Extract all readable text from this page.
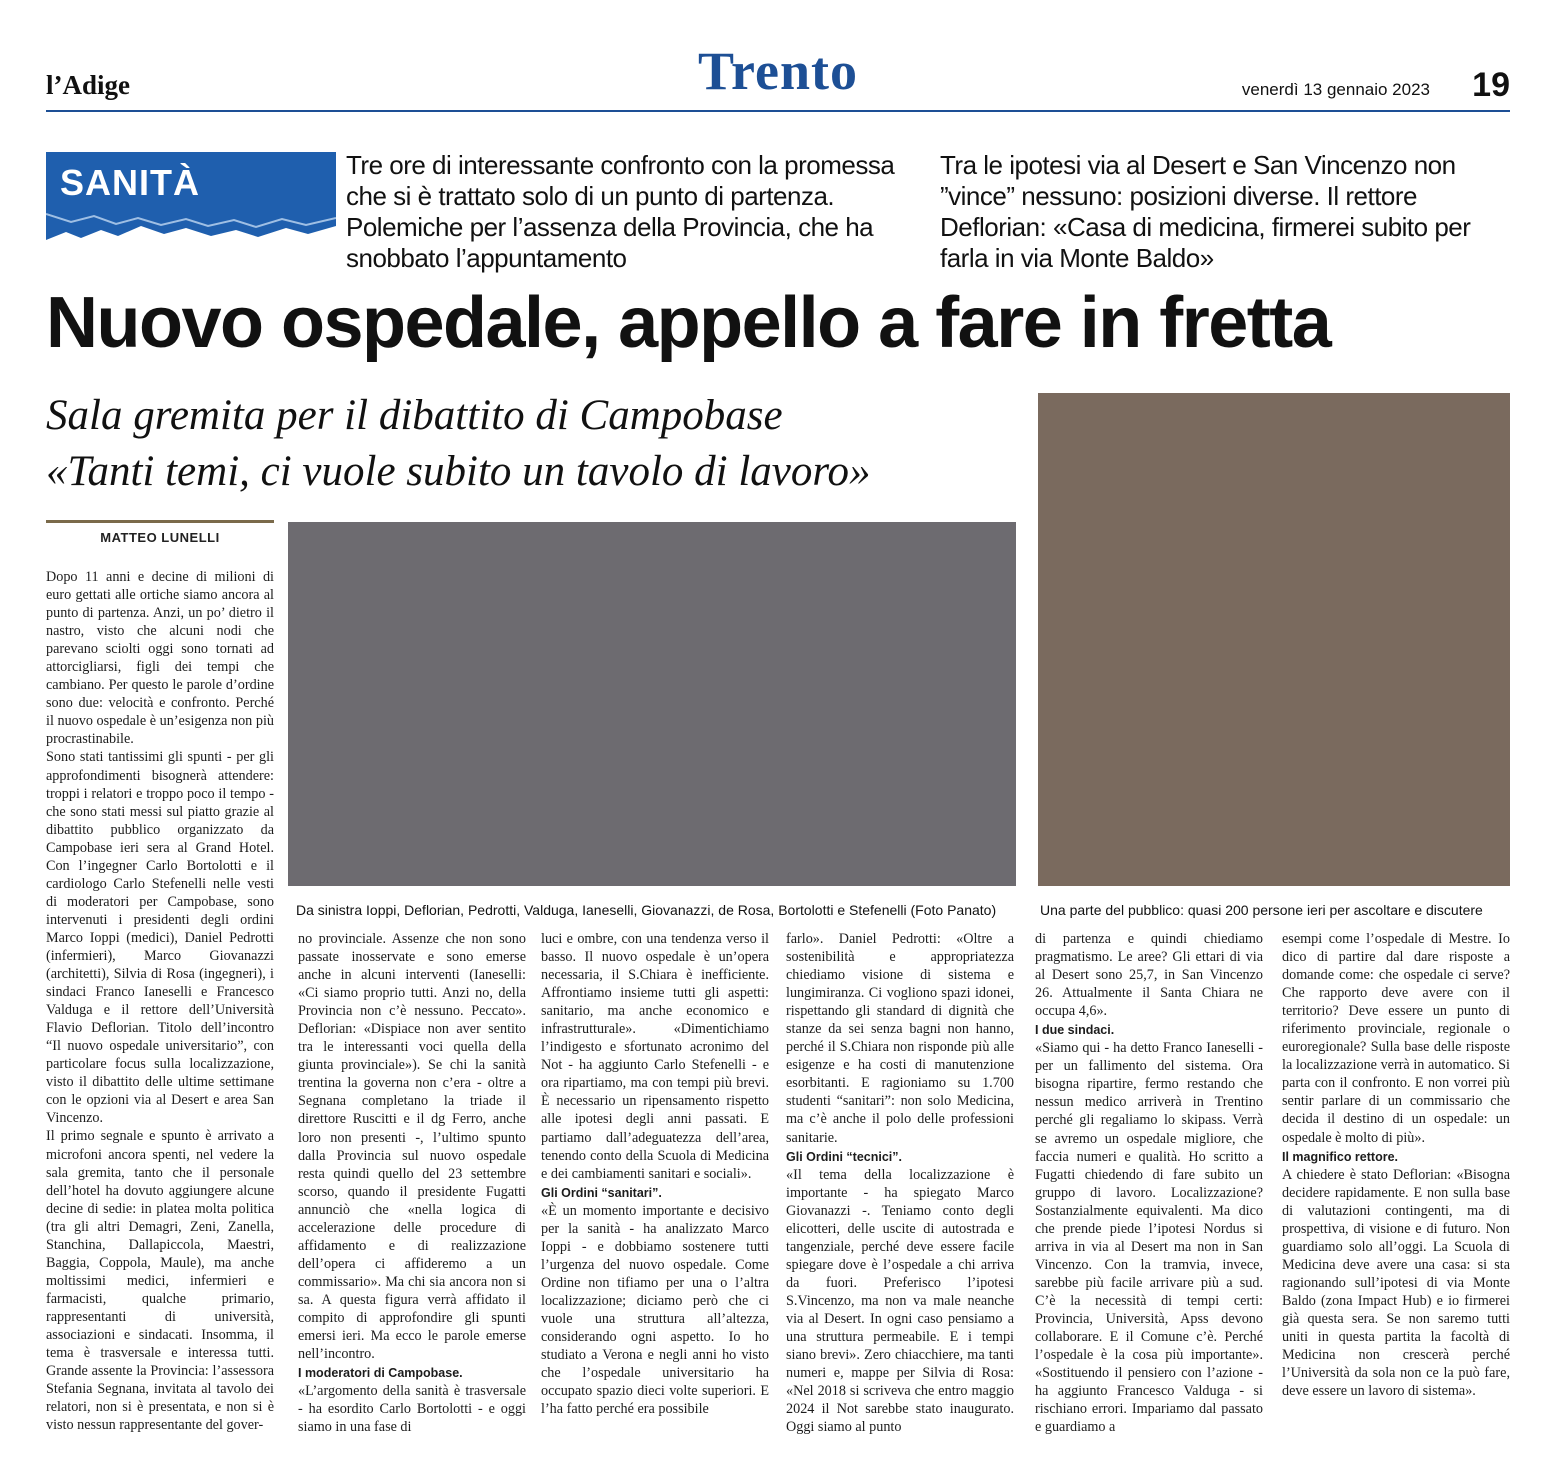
l’Adige	Trento	venerdì 13 gennaio 2023 19
SANITÀ	Tre ore di interessante confronto con la promessa che si è trattato solo di un punto di partenza. Polemiche per l’assenza della Provincia, che ha snobbato l’appuntamento
Tra le ipotesi via al Desert e San Vincenzo non ”vince” nessuno: posizioni diverse. Il rettore Deflorian: «Casa di medicina, firmerei subito per farla in via Monte Baldo»
Nuovo ospedale, appello a fare in fretta
Sala gremita per il dibattito di Campobase
«Tanti temi, ci vuole subito un tavolo di lavoro»
MATTEO LUNELLI
Da sinistra Ioppi, Deflorian, Pedrotti, Valduga, Ianeselli, Giovanazzi, de Rosa, Bortolotti e Stefenelli (Foto Panato)	Una parte del pubblico: quasi 200 persone ieri per ascoltare e discutere

Dopo 11 anni e decine di milioni di euro gettati alle ortiche siamo ancora al punto di partenza. Anzi, un po’ dietro il nastro, visto che alcuni nodi che parevano sciolti oggi sono tornati ad attorcigliarsi, figli dei tempi che cambiano. Per questo le parole d’ordine sono due: velocità e confronto. Perché il nuovo ospedale è un’esigenza non più procrastinabile.

Sono stati tantissimi gli spunti - per gli approfondimenti bisognerà attendere: troppi i relatori e troppo poco il tempo - che sono stati messi sul piatto grazie al dibattito pubblico organizzato da Campobase ieri sera al Grand Hotel. Con l’ingegner Carlo Bortolotti e il cardiologo Carlo Stefenelli nelle vesti di moderatori per Campobase, sono intervenuti i presidenti degli ordini Marco Ioppi (medici), Daniel Pedrotti (infermieri), Marco Giovanazzi (architetti), Silvia di Rosa (ingegneri), i sindaci Franco Ianeselli e Francesco Valduga e il rettore dell’Università Flavio Deflorian. Titolo dell’incontro “Il nuovo ospedale universitario”, con particolare focus sulla localizzazione, visto il dibattito delle ultime settimane con le opzioni via al Desert e area San Vincenzo.

Il primo segnale e spunto è arrivato a microfoni ancora spenti, nel vedere la sala gremita, tanto che il personale dell’hotel ha dovuto aggiungere alcune decine di sedie: in platea molta politica (tra gli altri Demagri, Zeni, Zanella, Stanchina, Dallapiccola, Maestri, Baggia, Coppola, Maule), ma anche moltissimi medici, infermieri e farmacisti, qualche primario, rappresentanti di università, associazioni e sindacati. Insomma, il tema è trasversale e interessa tutti. Grande assente la Provincia: l’assessora Stefania Segnana, invitata al tavolo dei relatori, non si è presentata, e non si è visto nessun rappresentante del gover-

no provinciale. Assenze che non sono passate inosservate e sono emerse anche in alcuni interventi (Ianeselli: «Ci siamo proprio tutti. Anzi no, della Provincia non c’è nessuno. Peccato». Deflorian: «Dispiace non aver sentito tra le interessanti voci quella della giunta provinciale»). Se chi la sanità trentina la governa non c’era - oltre a Segnana completano la triade il direttore Ruscitti e il dg Ferro, anche loro non presenti -, l’ultimo spunto dalla Provincia sul nuovo ospedale resta quindi quello del 23 settembre scorso, quando il presidente Fugatti annunciò che «nella logica di accelerazione delle procedure di affidamento e di realizzazione dell’opera ci affideremo a un commissario». Ma chi sia ancora non si sa. A questa figura verrà affidato il compito di approfondire gli spunti emersi ieri. Ma ecco le parole emerse nell’incontro.

I moderatori di Campobase.

«L’argomento della sanità è trasversale - ha esordito Carlo Bortolotti - e oggi siamo in una fase di

luci e ombre, con una tendenza verso il basso. Il nuovo ospedale è un’opera necessaria, il S.Chiara è inefficiente. Affrontiamo insieme tutti gli aspetti: sanitario, ma anche economico e infrastrutturale». «Dimentichiamo l’indigesto e sfortunato acronimo del Not - ha aggiunto Carlo Stefenelli - e ora ripartiamo, ma con tempi più brevi. È necessario un ripensamento rispetto alle ipotesi degli anni passati. E partiamo dall’adeguatezza dell’area, tenendo conto della Scuola di Medicina e dei cambiamenti sanitari e sociali».

Gli Ordini “sanitari”.

«È un momento importante e decisivo per la sanità - ha analizzato Marco Ioppi - e dobbiamo sostenere tutti l’urgenza del nuovo ospedale. Come Ordine non tifiamo per una o l’altra localizzazione; diciamo però che ci vuole una struttura all’altezza, considerando ogni aspetto. Io ho studiato a Verona e negli anni ho visto che l’ospedale universitario ha occupato spazio dieci volte superiori. E l’ha fatto perché era possibile

farlo». Daniel Pedrotti: «Oltre a sostenibilità e appropriatezza chiediamo visione di sistema e lungimiranza. Ci vogliono spazi idonei, rispettando gli standard di dignità che stanze da sei senza bagni non hanno, perché il S.Chiara non risponde più alle esigenze e ha costi di manutenzione esorbitanti. E ragioniamo su 1.700 studenti “sanitari”: non solo Medicina, ma c’è anche il polo delle professioni sanitarie.

Gli Ordini “tecnici”.

«Il tema della localizzazione è importante - ha spiegato Marco Giovanazzi -. Teniamo conto degli elicotteri, delle uscite di autostrada e tangenziale, perché deve essere facile spiegare dove è l’ospedale a chi arriva da fuori. Preferisco l’ipotesi S.Vincenzo, ma non va male neanche via al Desert. In ogni caso pensiamo a una struttura permeabile. E i tempi siano brevi». Zero chiacchiere, ma tanti numeri e, mappe per Silvia di Rosa: «Nel 2018 si scriveva che entro maggio 2024 il Not sarebbe stato inaugurato. Oggi siamo al punto

di partenza e quindi chiediamo pragmatismo. Le aree? Gli ettari di via al Desert sono 25,7, in San Vincenzo 26. Attualmente il Santa Chiara ne occupa 4,6».

I due sindaci.

«Siamo qui - ha detto Franco Ianeselli - per un fallimento del sistema. Ora bisogna ripartire, fermo restando che nessun medico arriverà in Trentino perché gli regaliamo lo skipass. Verrà se avremo un ospedale migliore, che faccia numeri e qualità. Ho scritto a Fugatti chiedendo di fare subito un gruppo di lavoro. Localizzazione? Sostanzialmente equivalenti. Ma dico che prende piede l’ipotesi Nordus si arriva in via al Desert ma non in San Vincenzo. Con la tramvia, invece, sarebbe più facile arrivare più a sud. C’è la necessità di tempi certi: Provincia, Università, Apss devono collaborare. E il Comune c’è. Perché l’ospedale è la cosa più importante». «Sostituendo il pensiero con l’azione - ha aggiunto Francesco Valduga - si rischiano errori. Impariamo dal passato e guardiamo a

esempi come l’ospedale di Mestre. Io dico di partire dal dare risposte a domande come: che ospedale ci serve? Che rapporto deve avere con il territorio? Deve essere un punto di riferimento provinciale, regionale o euroregionale? Sulla base delle risposte la localizzazione verrà in automatico. Si parta con il confronto. E non vorrei più sentir parlare di un commissario che decida il destino di un ospedale: un ospedale è molto di più».

Il magnifico rettore.

A chiedere è stato Deflorian: «Bisogna decidere rapidamente. E non sulla base di valutazioni contingenti, ma di prospettiva, di visione e di futuro. Non guardiamo solo all’oggi. La Scuola di Medicina deve avere una casa: si sta ragionando sull’ipotesi di via Monte Baldo (zona Impact Hub) e io firmerei già questa sera. Se non saremo tutti uniti in questa partita la facoltà di Medicina non crescerà perché l’Università da sola non ce la può fare, deve essere un lavoro di sistema».
